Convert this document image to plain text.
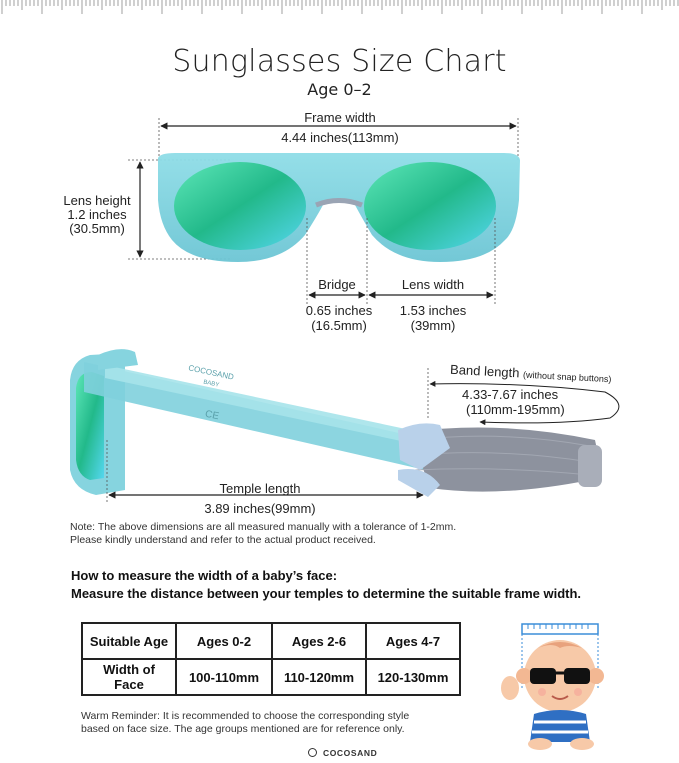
Sunglasses Size Chart
Age 0–2
Frame width
4.44 inches(113mm)
Lens height
1.2 inches
(30.5mm)
Bridge
0.65 inches
(16.5mm)
Lens width
1.53 inches
(39mm)
COCOSAND
BABY
CE
Band length (without snap buttons)
4.33-7.67 inches
(110mm-195mm)
Temple length
3.89 inches(99mm)
Note: The above dimensions are all measured manually with a tolerance of 1-2mm.
Please kindly understand and refer to the actual product received.
How to measure the width of a baby’s face:
Measure the distance between your temples to determine the suitable frame width.
Suitable Age	Ages 0-2	Ages 2-6	Ages 4-7
Width of Face	100-110mm	110-120mm	120-130mm
Warm Reminder: It is recommended to choose the corresponding style
based on face size. The age groups mentioned are for reference only.
COCOSAND
